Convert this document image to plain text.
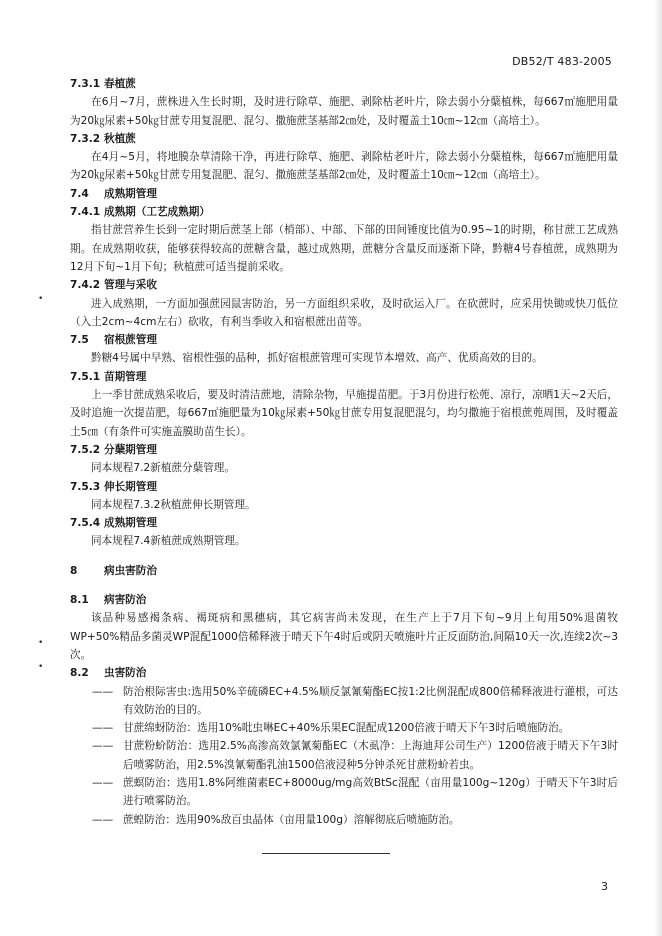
DB52/T 483-2005

7.3.1 春植蔗

在6月~7月，蔗株进入生长时期，及时进行除草、施肥、剥除枯老叶片，除去弱小分蘖植株，每667㎡施肥用量为20㎏尿素+50㎏甘蔗专用复混肥、混匀、撒施蔗茎基部2㎝处，及时覆盖土10㎝~12㎝（高培土）。

7.3.2 秋植蔗

在4月~5月，将地膜杂草清除干净，再进行除草、施肥、剥除枯老叶片，除去弱小分蘖植株，每667㎡施肥用量为20㎏尿素+50㎏甘蔗专用复混肥、混匀、撒施蔗茎基部2㎝处，及时覆盖土10㎝~12㎝（高培土）。

7.4 成熟期管理

7.4.1 成熟期（工艺成熟期）

指甘蔗营养生长到一定时期后蔗茎上部（梢部）、中部、下部的田间锤度比值为0.95~1的时期，称甘蔗工艺成熟期。在成熟期收获，能够获得较高的蔗糖含量，越过成熟期，蔗糖分含量反而逐渐下降，黔糖4号春植蔗，成熟期为12月下旬~1月下旬；秋植蔗可适当提前采收。

7.4.2 管理与采收

进入成熟期，一方面加强蔗园鼠害防治，另一方面组织采收，及时砍运入厂。在砍蔗时，应采用快锄或快刀低位（入土2cm~4cm左右）砍收，有利当季收入和宿根蔗出苗等。

7.5 宿根蔗管理

黔糖4号属中早熟、宿根性强的品种，抓好宿根蔗管理可实现节本增效、高产、优质高效的目的。

7.5.1 苗期管理

上一季甘蔗成熟采收后，要及时清洁蔗地，清除杂物，早施提苗肥。于3月份进行松蔸、凉行，凉晒1天~2天后，及时追施一次提苗肥，每667㎡施肥量为10㎏尿素+50㎏甘蔗专用复混肥混匀，均匀撒施于宿根蔗蔸周围，及时覆盖土5㎝（有条件可实施盖膜助苗生长）。

7.5.2 分蘖期管理

同本规程7.2新植蔗分蘖管理。

7.5.3 伸长期管理

同本规程7.3.2秋植蔗伸长期管理。

7.5.4 成熟期管理

同本规程7.4新植蔗成熟期管理。

8	病虫害防治

8.1 病害防治

该品种易感褐条病、褐斑病和黑穗病，其它病害尚未发现，在生产上于7月下旬~9月上旬用50%退菌牧WP+50%精品多菌灵WP混配1000倍稀释液于晴天下午4时后或阴天喷施叶片正反面防治,间隔10天一次,连续2次~3次。

8.2 虫害防治

—— 防治根际害虫:选用50%辛硫磷EC+4.5%顺反氯氰菊酯EC按1:2比例混配成800倍稀释液进行灌根，可达有效防治的目的。

—— 甘蔗绵蚜防治：选用10%吡虫啉EC+40%乐果EC混配成1200倍液于晴天下午3时后喷施防治。

—— 甘蔗粉蚧防治：选用2.5%高渗高效氯氰菊酯EC（木虱净：上海迪拜公司生产）1200倍液于晴天下午3时后喷雾防治，用2.5%溴氰菊酯乳油1500倍液浸种5分钟杀死甘蔗粉蚧若虫。

—— 蔗螟防治：选用1.8%阿维菌素EC+8000ug/mg高效BtSc混配（亩用量100g~120g）于晴天下午3时后进行喷雾防治。

—— 蔗蝗防治：选用90%敌百虫晶体（亩用量100g）溶解彻底后喷施防治。

•
•
•
3
